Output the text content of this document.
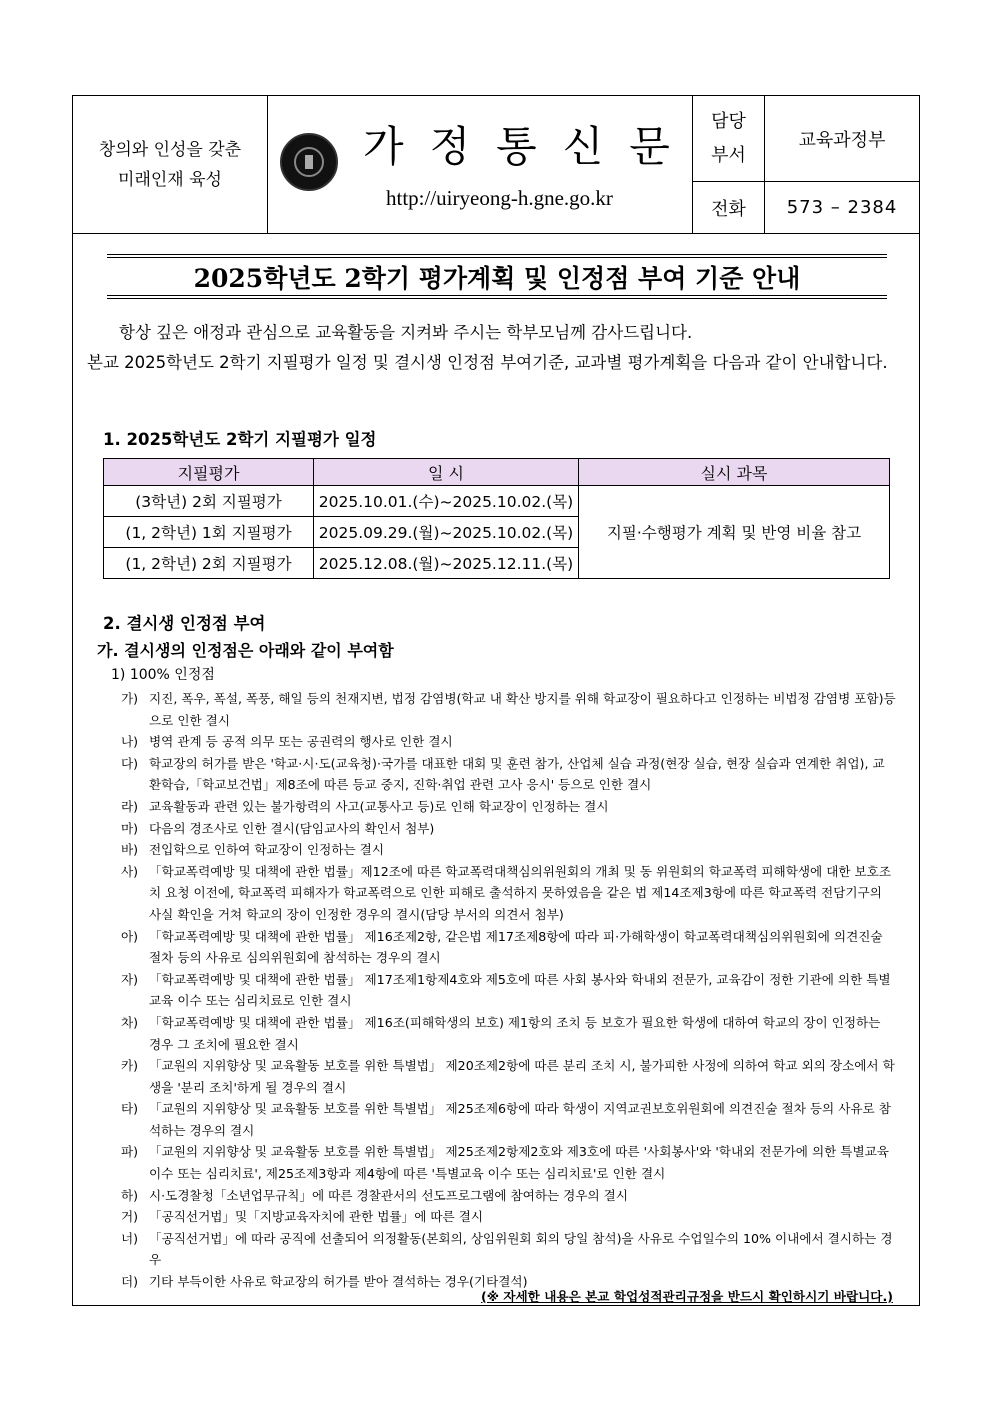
창의와 인성을 갖춘
미래인재 육성
가정통신문
http://uiryeong-h.gne.go.kr
담당
부서
교육과정부
전화	573 – 2384
2025학년도 2학기 평가계획 및 인정점 부여 기준 안내

항상 깊은 애정과 관심으로 교육활동을 지켜봐 주시는 학부모님께 감사드립니다.

본교 2025학년도 2학기 지필평가 일정 및 결시생 인정점 부여기준, 교과별 평가계획을 다음과 같이 안내합니다.

1. 2025학년도 2학기 지필평가 일정
지필평가	일 시	실시 과목
(3학년) 2회 지필평가	2025.10.01.(수)~2025.10.02.(목)	지필·수행평가 계획 및 반영 비율 참고
(1, 2학년) 1회 지필평가	2025.09.29.(월)~2025.10.02.(목)	
(1, 2학년) 2회 지필평가	2025.12.08.(월)~2025.12.11.(목)	
2. 결시생 인정점 부여
가. 결시생의 인정점은 아래와 같이 부여함
1) 100% 인정점

가) 지진, 폭우, 폭설, 폭풍, 해일 등의 천재지변, 법정 감염병(학교 내 확산 방지를 위해 학교장이 필요하다고 인정하는 비법정 감염병 포함)등으로 인한 결시

나) 병역 관계 등 공적 의무 또는 공권력의 행사로 인한 결시

다) 학교장의 허가를 받은 '학교·시·도(교육청)·국가를 대표한 대회 및 훈련 참가, 산업체 실습 과정(현장 실습, 현장 실습과 연계한 취업), 교환학습,「학교보건법」제8조에 따른 등교 중지, 진학·취업 관련 고사 응시' 등으로 인한 결시

라) 교육활동과 관련 있는 불가항력의 사고(교통사고 등)로 인해 학교장이 인정하는 결시

마) 다음의 경조사로 인한 결시(담임교사의 확인서 첨부)

바) 전입학으로 인하여 학교장이 인정하는 결시

사) 「학교폭력예방 및 대책에 관한 법률」제12조에 따른 학교폭력대책심의위원회의 개최 및 동 위원회의 학교폭력 피해학생에 대한 보호조치 요청 이전에, 학교폭력 피해자가 학교폭력으로 인한 피해로 출석하지 못하였음을 같은 법 제14조제3항에 따른 학교폭력 전담기구의 사실 확인을 거쳐 학교의 장이 인정한 경우의 결시(담당 부서의 의견서 첨부)

아) 「학교폭력예방 및 대책에 관한 법률」 제16조제2항, 같은법 제17조제8항에 따라 피·가해학생이 학교폭력대책심의위원회에 의견진술 절차 등의 사유로 심의위원회에 참석하는 경우의 결시

자) 「학교폭력예방 및 대책에 관한 법률」 제17조제1항제4호와 제5호에 따른 사회 봉사와 학내외 전문가, 교육감이 정한 기관에 의한 특별교육 이수 또는 심리치료로 인한 결시

차) 「학교폭력예방 및 대책에 관한 법률」 제16조(피해학생의 보호) 제1항의 조치 등 보호가 필요한 학생에 대하여 학교의 장이 인정하는 경우 그 조치에 필요한 결시

카) 「교원의 지위향상 및 교육활동 보호를 위한 특별법」 제20조제2항에 따른 분리 조치 시, 불가피한 사정에 의하여 학교 외의 장소에서 학생을 '분리 조치'하게 될 경우의 결시

타) 「교원의 지위향상 및 교육활동 보호를 위한 특별법」 제25조제6항에 따라 학생이 지역교권보호위원회에 의견진술 절차 등의 사유로 참석하는 경우의 결시

파) 「교원의 지위향상 및 교육활동 보호를 위한 특별법」 제25조제2항제2호와 제3호에 따른 '사회봉사'와 '학내외 전문가에 의한 특별교육 이수 또는 심리치료', 제25조제3항과 제4항에 따른 '특별교육 이수 또는 심리치료'로 인한 결시

하) 시·도경찰청「소년업무규칙」에 따른 경찰관서의 선도프로그램에 참여하는 경우의 결시

거) 「공직선거법」및「지방교육자치에 관한 법률」에 따른 결시

너) 「공직선거법」에 따라 공직에 선출되어 의정활동(본회의, 상임위원회 회의 당일 참석)을 사유로 수업일수의 10% 이내에서 결시하는 경우

더) 기타 부득이한 사유로 학교장의 허가를 받아 결석하는 경우(기타결석)

(※ 자세한 내용은 본교 학업성적관리규정을 반드시 확인하시기 바랍니다.)
